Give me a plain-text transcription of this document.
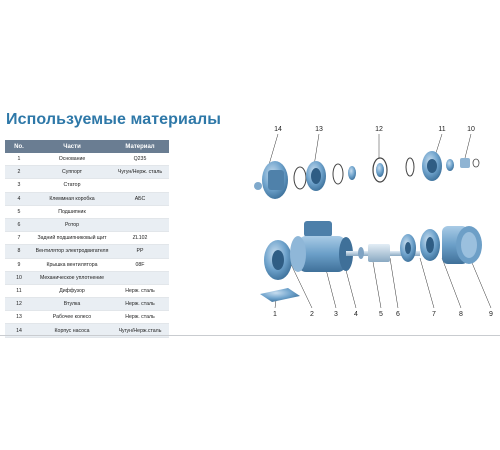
Используемые материалы
No.	Части	Материал
1	Основание	Q235
2	Суппорт	Чугун/Нерж. сталь
3	Статор	
4	Клеммная коробка	АБС
5	Подшипник	
6	Ротор	
7	Задний подшипниковый щит	ZL102
8	Вентилятор электродвигателя	PP
9	Крышка вентилятора	08F
10	Механическое уплотнение	
11	Диффузор	Нерж. сталь
12	Втулка	Нерж. сталь
13	Рабочее колесо	Нерж. сталь
14	Корпус насоса	Чугун/Нерж.сталь
14	13	12	11	10
1	2	3 4	5 6	7	8	9
